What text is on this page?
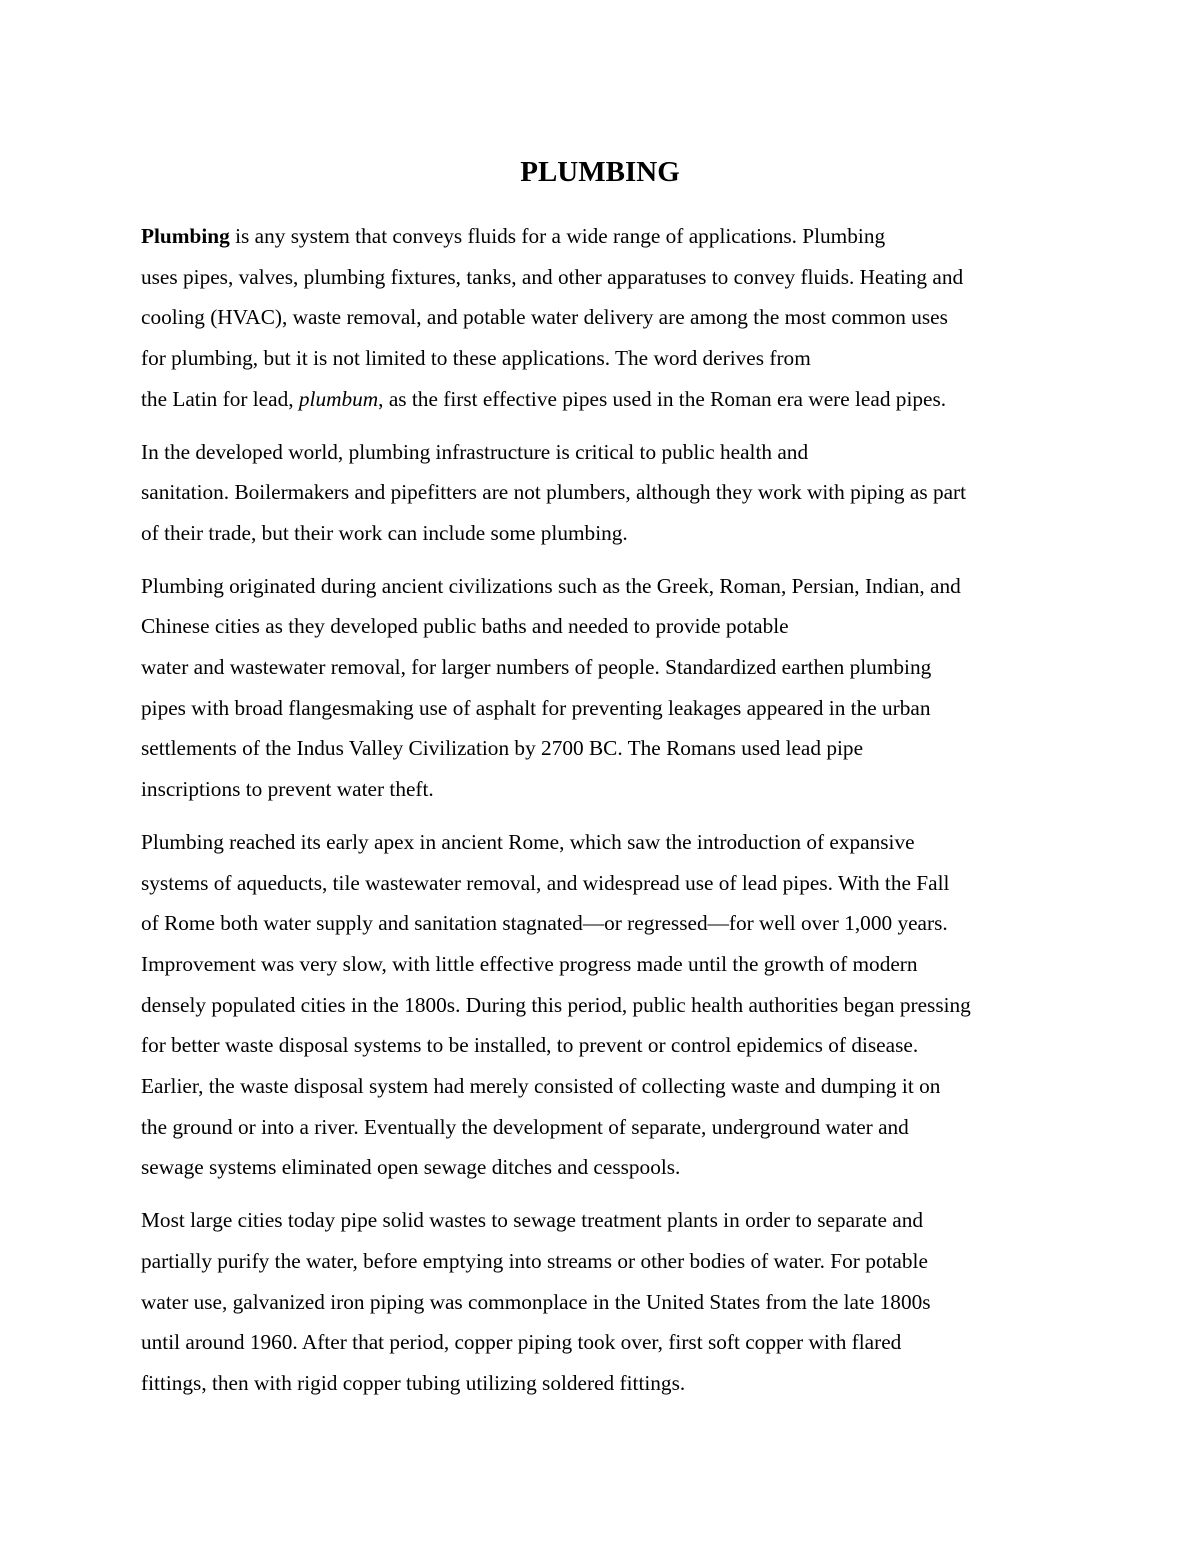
PLUMBING

Plumbing is any system that conveys fluids for a wide range of applications. Plumbing
uses pipes, valves, plumbing fixtures, tanks, and other apparatuses to convey fluids. Heating and
cooling (HVAC), waste removal, and potable water delivery are among the most common uses
for plumbing, but it is not limited to these applications. The word derives from
the Latin for lead, plumbum, as the first effective pipes used in the Roman era were lead pipes.

In the developed world, plumbing infrastructure is critical to public health and
sanitation. Boilermakers and pipefitters are not plumbers, although they work with piping as part
of their trade, but their work can include some plumbing.

Plumbing originated during ancient civilizations such as the Greek, Roman, Persian, Indian, and
Chinese cities as they developed public baths and needed to provide potable
water and wastewater removal, for larger numbers of people. Standardized earthen plumbing
pipes with broad flangesmaking use of asphalt for preventing leakages appeared in the urban
settlements of the Indus Valley Civilization by 2700 BC. The Romans used lead pipe
inscriptions to prevent water theft.

Plumbing reached its early apex in ancient Rome, which saw the introduction of expansive
systems of aqueducts, tile wastewater removal, and widespread use of lead pipes. With the Fall
of Rome both water supply and sanitation stagnated—or regressed—for well over 1,000 years.
Improvement was very slow, with little effective progress made until the growth of modern
densely populated cities in the 1800s. During this period, public health authorities began pressing
for better waste disposal systems to be installed, to prevent or control epidemics of disease.
Earlier, the waste disposal system had merely consisted of collecting waste and dumping it on
the ground or into a river. Eventually the development of separate, underground water and
sewage systems eliminated open sewage ditches and cesspools.

Most large cities today pipe solid wastes to sewage treatment plants in order to separate and
partially purify the water, before emptying into streams or other bodies of water. For potable
water use, galvanized iron piping was commonplace in the United States from the late 1800s
until around 1960. After that period, copper piping took over, first soft copper with flared
fittings, then with rigid copper tubing utilizing soldered fittings.
